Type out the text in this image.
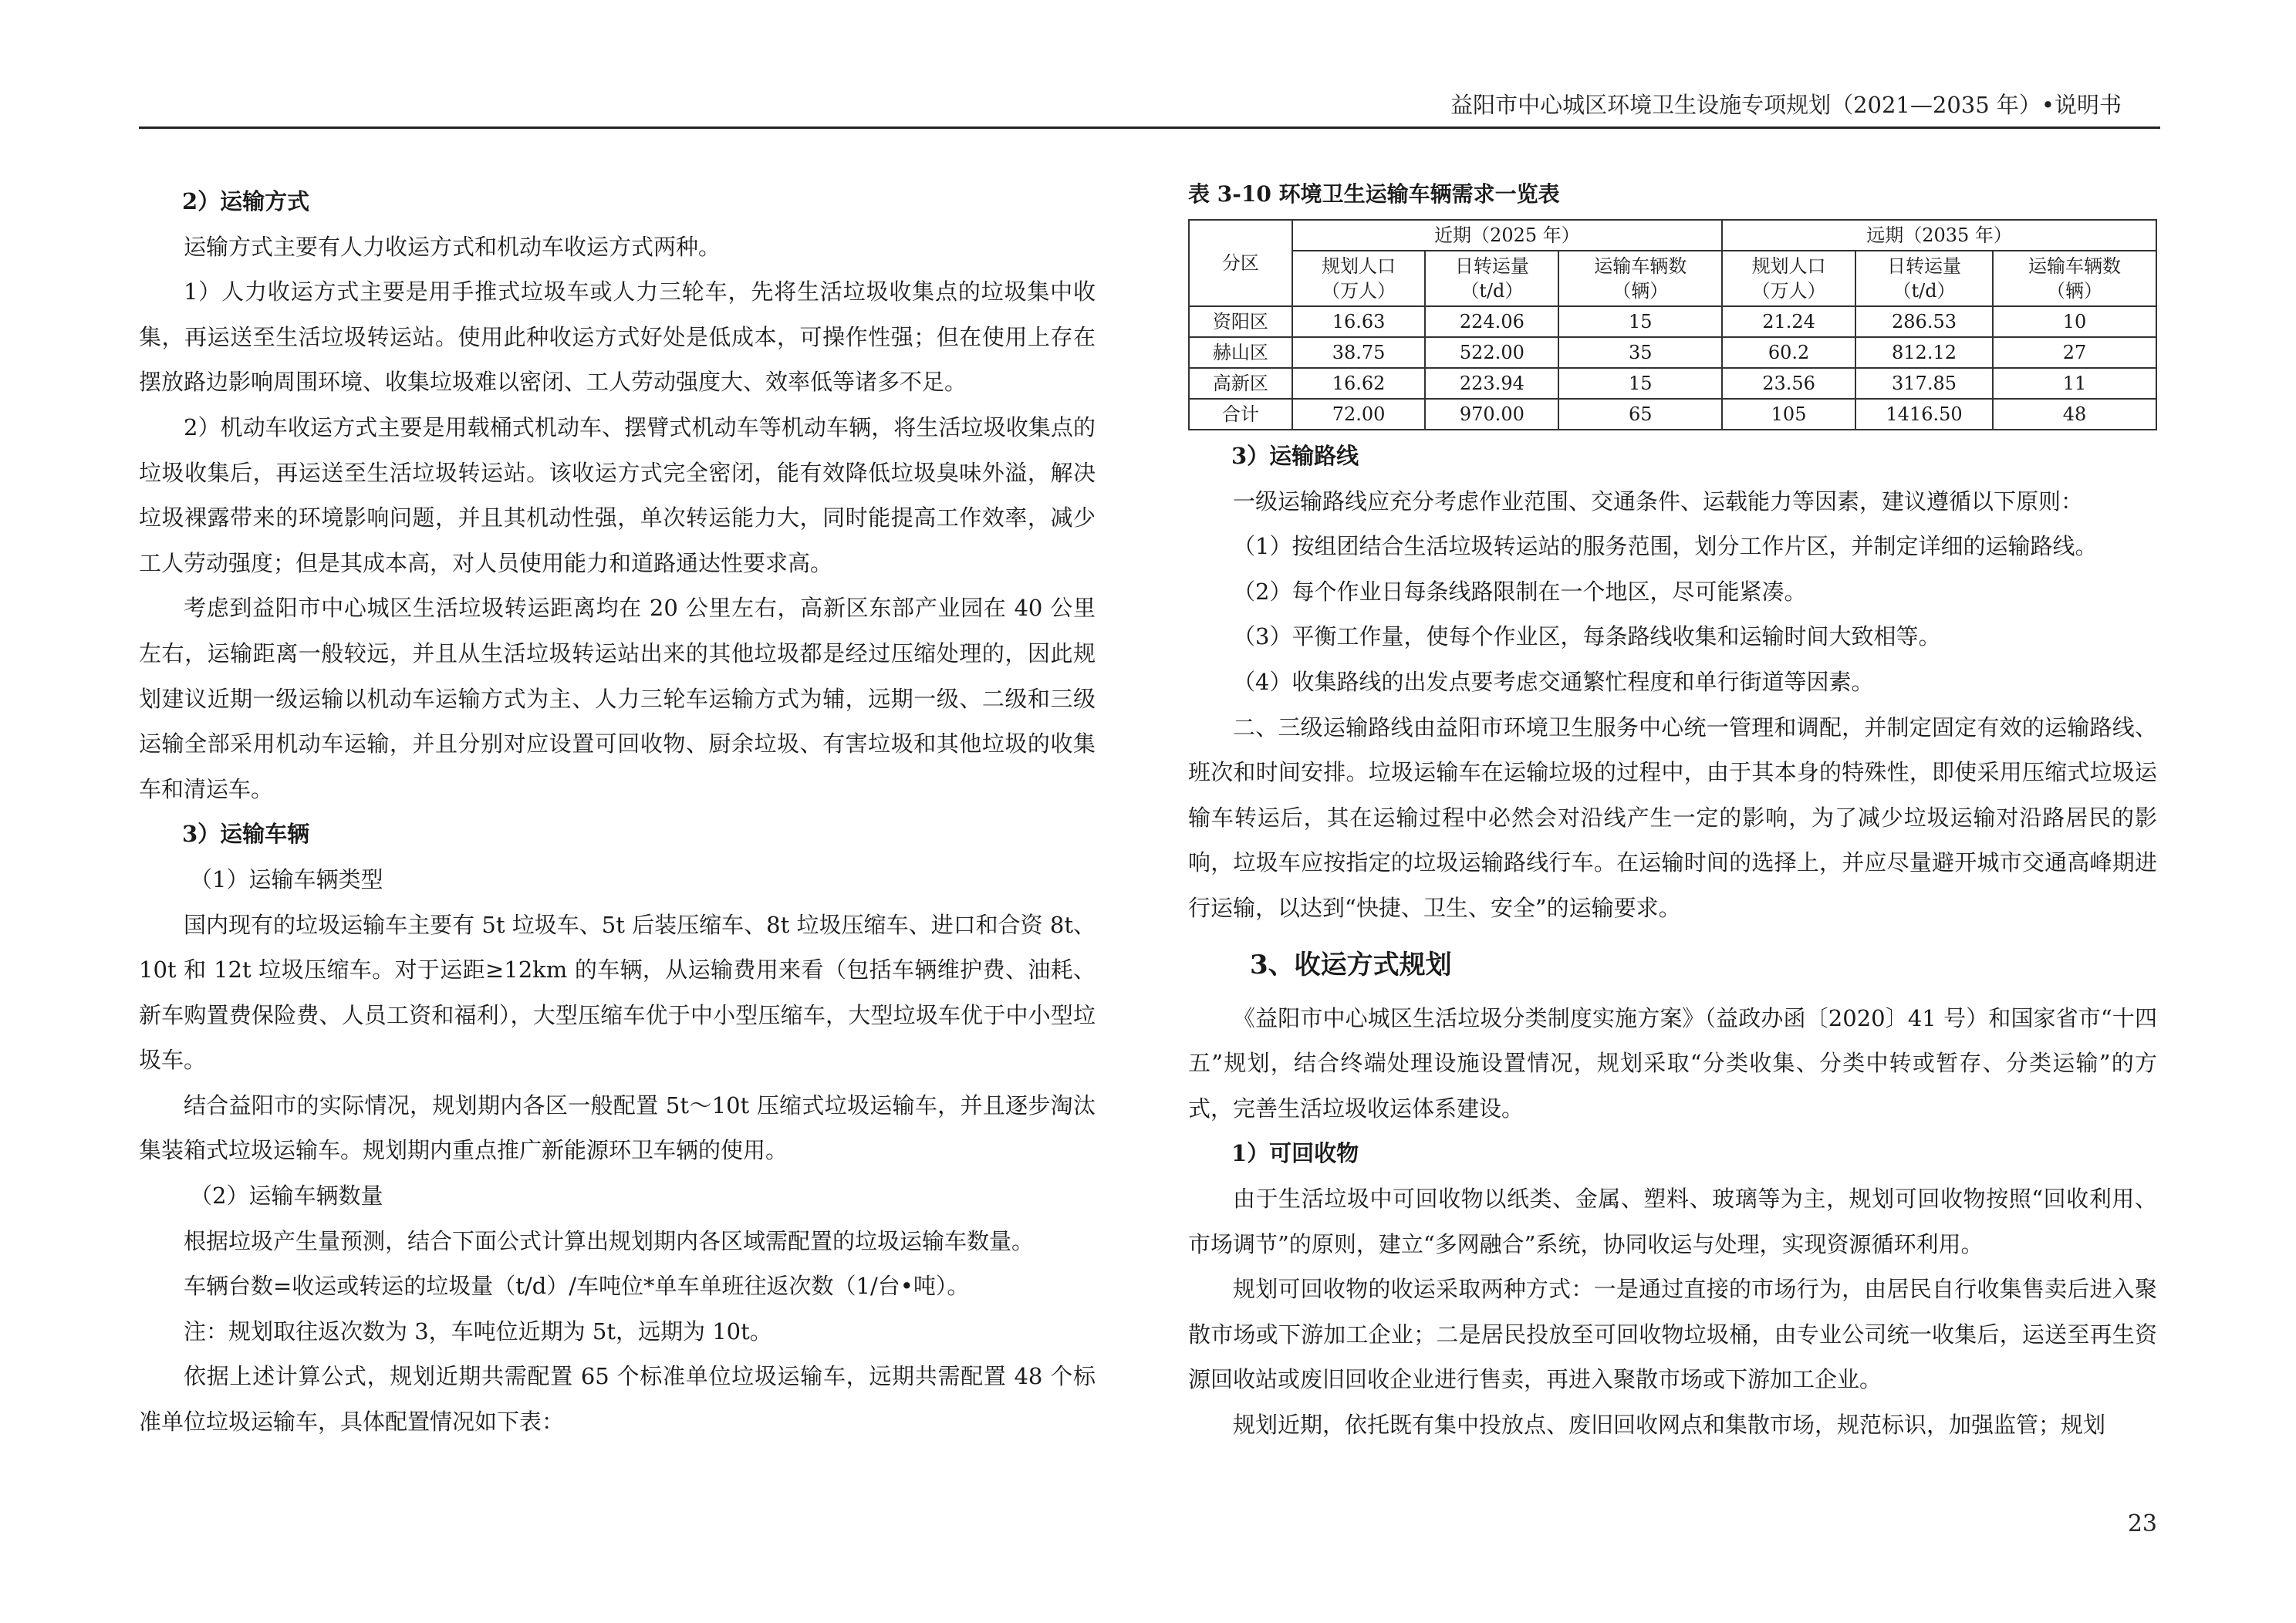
益阳市中心城区环境卫生设施专项规划（2021—2035 年）•说明书

2）运输方式

运输方式主要有人力收运方式和机动车收运方式两种。

1）人力收运方式主要是用手推式垃圾车或人力三轮车，先将生活垃圾收集点的垃圾集中收集，再运送至生活垃圾转运站。使用此种收运方式好处是低成本，可操作性强；但在使用上存在摆放路边影响周围环境、收集垃圾难以密闭、工人劳动强度大、效率低等诸多不足。

2）机动车收运方式主要是用载桶式机动车、摆臂式机动车等机动车辆，将生活垃圾收集点的垃圾收集后，再运送至生活垃圾转运站。该收运方式完全密闭，能有效降低垃圾臭味外溢，解决垃圾裸露带来的环境影响问题，并且其机动性强，单次转运能力大，同时能提高工作效率，减少工人劳动强度；但是其成本高，对人员使用能力和道路通达性要求高。

考虑到益阳市中心城区生活垃圾转运距离均在 20 公里左右，高新区东部产业园在 40 公里左右，运输距离一般较远，并且从生活垃圾转运站出来的其他垃圾都是经过压缩处理的，因此规划建议近期一级运输以机动车运输方式为主、人力三轮车运输方式为辅，远期一级、二级和三级运输全部采用机动车运输，并且分别对应设置可回收物、厨余垃圾、有害垃圾和其他垃圾的收集车和清运车。

3）运输车辆

（1）运输车辆类型

国内现有的垃圾运输车主要有 5t 垃圾车、5t 后装压缩车、8t 垃圾压缩车、进口和合资 8t、10t 和 12t 垃圾压缩车。对于运距≥12km 的车辆，从运输费用来看（包括车辆维护费、油耗、新车购置费保险费、人员工资和福利），大型压缩车优于中小型压缩车，大型垃圾车优于中小型垃圾车。

结合益阳市的实际情况，规划期内各区一般配置 5t～10t 压缩式垃圾运输车，并且逐步淘汰集装箱式垃圾运输车。规划期内重点推广新能源环卫车辆的使用。

（2）运输车辆数量

根据垃圾产生量预测，结合下面公式计算出规划期内各区域需配置的垃圾运输车数量。

车辆台数=收运或转运的垃圾量（t/d）/车吨位*单车单班往返次数（1/台•吨）。

注：规划取往返次数为 3，车吨位近期为 5t，远期为 10t。

依据上述计算公式，规划近期共需配置 65 个标准单位垃圾运输车，远期共需配置 48 个标准单位垃圾运输车，具体配置情况如下表：

表 3-10 环境卫生运输车辆需求一览表

分区	近期（2025 年）			远期（2035 年）		
	规划人口
（万人）	日转运量
（t/d）	运输车辆数
（辆）	规划人口
（万人）	日转运量
（t/d）	运输车辆数
（辆）
资阳区	16.63	224.06	15	21.24	286.53	10
赫山区	38.75	522.00	35	60.2	812.12	27
高新区	16.62	223.94	15	23.56	317.85	11
合计	72.00	970.00	65	105	1416.50	48

3）运输路线

一级运输路线应充分考虑作业范围、交通条件、运载能力等因素，建议遵循以下原则：

（1）按组团结合生活垃圾转运站的服务范围，划分工作片区，并制定详细的运输路线。

（2）每个作业日每条线路限制在一个地区，尽可能紧凑。

（3）平衡工作量，使每个作业区，每条路线收集和运输时间大致相等。

（4）收集路线的出发点要考虑交通繁忙程度和单行街道等因素。

二、三级运输路线由益阳市环境卫生服务中心统一管理和调配，并制定固定有效的运输路线、班次和时间安排。垃圾运输车在运输垃圾的过程中，由于其本身的特殊性，即使采用压缩式垃圾运输车转运后，其在运输过程中必然会对沿线产生一定的影响，为了减少垃圾运输对沿路居民的影响，垃圾车应按指定的垃圾运输路线行车。在运输时间的选择上，并应尽量避开城市交通高峰期进行运输，以达到“快捷、卫生、安全”的运输要求。

3、收运方式规划

《益阳市中心城区生活垃圾分类制度实施方案》（益政办函〔2020〕41 号）和国家省市“十四五”规划，结合终端处理设施设置情况，规划采取“分类收集、分类中转或暂存、分类运输”的方式，完善生活垃圾收运体系建设。

1）可回收物

由于生活垃圾中可回收物以纸类、金属、塑料、玻璃等为主，规划可回收物按照“回收利用、市场调节”的原则，建立“多网融合”系统，协同收运与处理，实现资源循环利用。

规划可回收物的收运采取两种方式：一是通过直接的市场行为，由居民自行收集售卖后进入聚散市场或下游加工企业；二是居民投放至可回收物垃圾桶，由专业公司统一收集后，运送至再生资源回收站或废旧回收企业进行售卖，再进入聚散市场或下游加工企业。

规划近期，依托既有集中投放点、废旧回收网点和集散市场，规范标识，加强监管；规划

23
